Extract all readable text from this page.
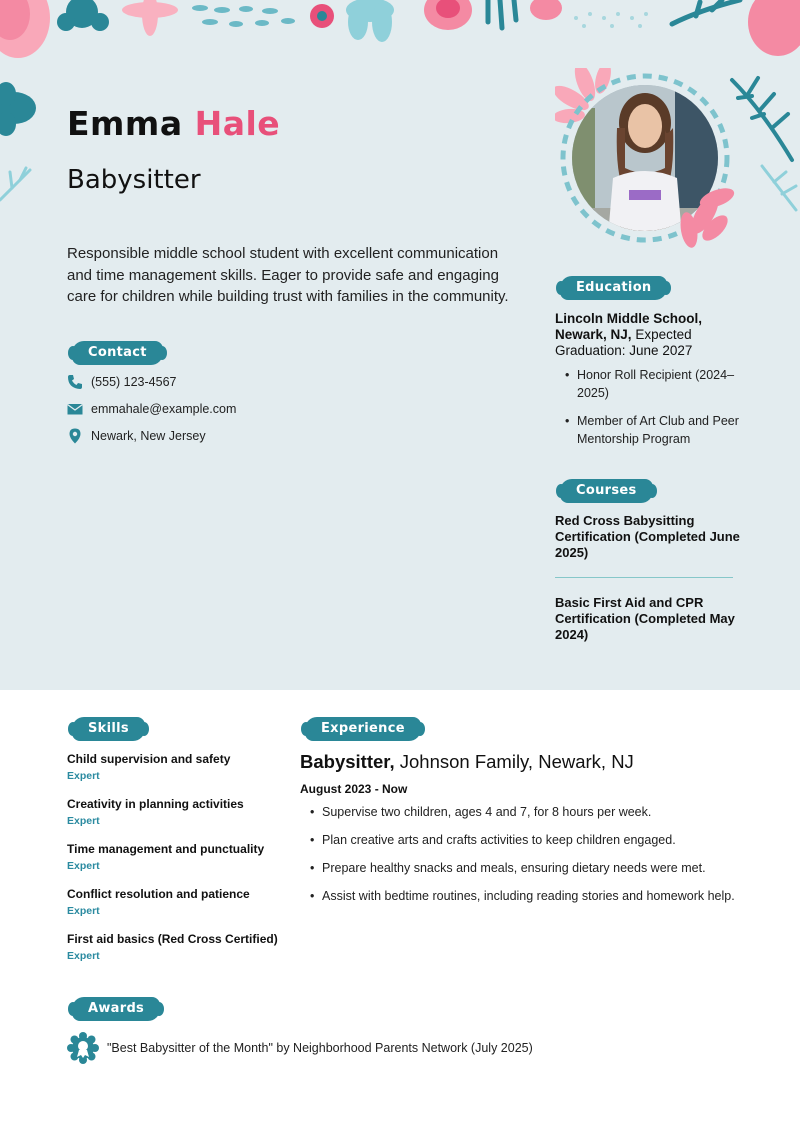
Emma Hale
Babysitter
Responsible middle school student with excellent communication and time management skills. Eager to provide safe and engaging care for children while building trust with families in the community.
Contact
(555) 123-4567
emmahale@example.com
Newark, New Jersey
Education
Lincoln Middle School, Newark, NJ, Expected Graduation: June 2027
• Honor Roll Recipient (2024–2025)
• Member of Art Club and Peer Mentorship Program
Courses
Red Cross Babysitting Certification (Completed June 2025)
Basic First Aid and CPR Certification (Completed May 2024)
Skills
Child supervision and safety
Expert
Creativity in planning activities
Expert
Time management and punctuality
Expert
Conflict resolution and patience
Expert
First aid basics (Red Cross Certified)
Expert
Experience
Babysitter, Johnson Family, Newark, NJ
August 2023 - Now
• Supervise two children, ages 4 and 7, for 8 hours per week.
• Plan creative arts and crafts activities to keep children engaged.
• Prepare healthy snacks and meals, ensuring dietary needs were met.
• Assist with bedtime routines, including reading stories and homework help.
Awards
"Best Babysitter of the Month" by Neighborhood Parents Network (July 2025)
